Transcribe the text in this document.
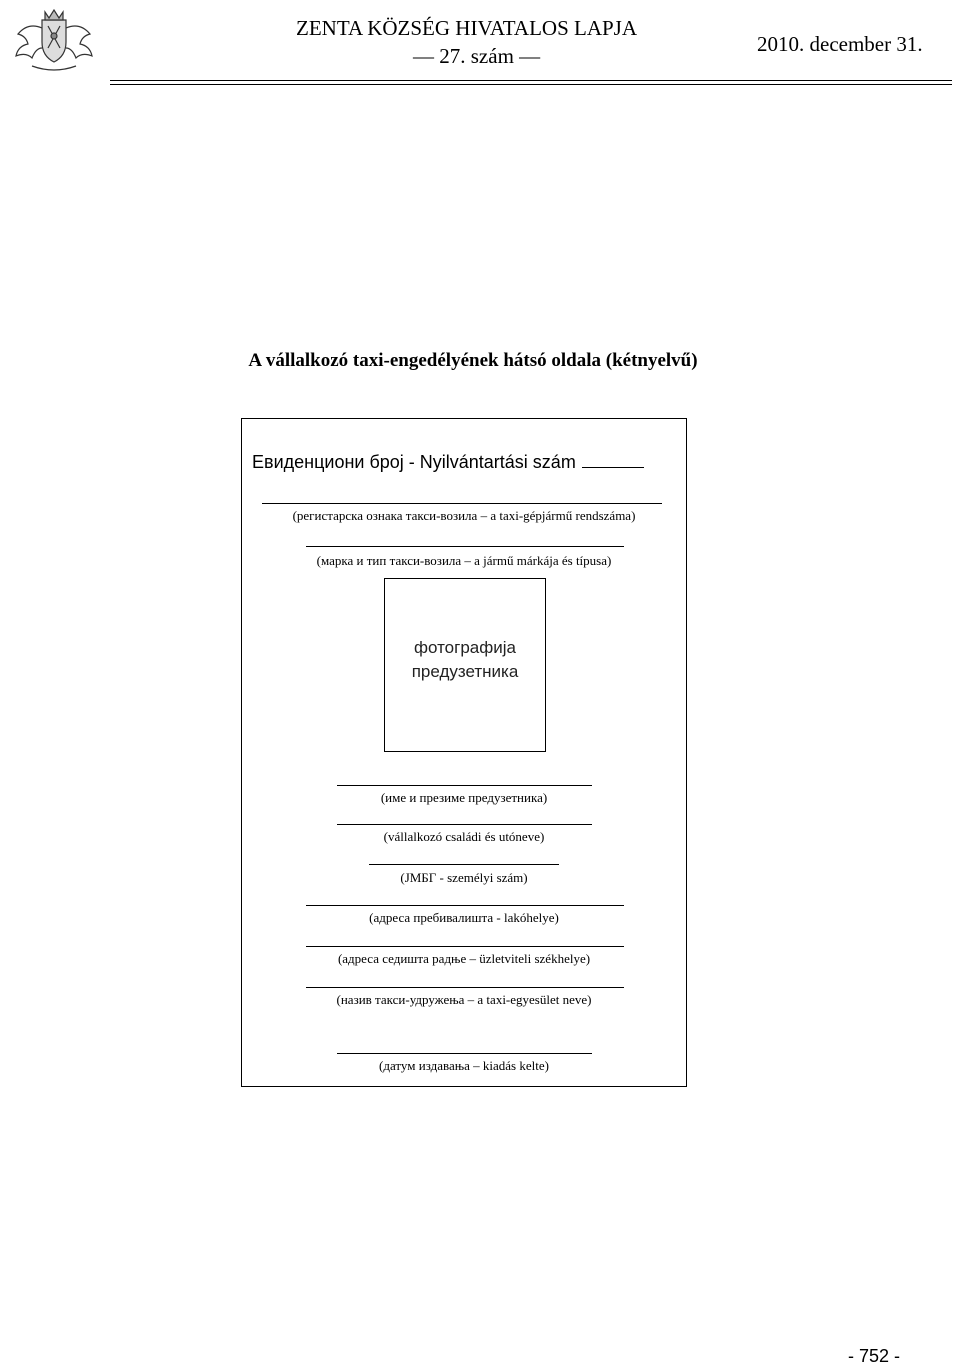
ZENTA KÖZSÉG HIVATALOS LAPJA
— 27. szám —	2010. december 31.
A vállalkozó taxi-engedélyének hátsó oldala (kétnyelvű)
Евиденциони број - Nyilvántartási szám
(регистарска ознака такси-возила – a taxi-gépjármű rendszáma)
(марка и тип такси-возила – a jármű márkája és típusa)
фотографија
предузетника
(име и презиме предузетника)
(vállalkozó családi és utóneve)
(ЈМБГ - személyi szám)
(адреса пребивалишта - lakóhelye)
(адреса седишта радње – üzletviteli székhelye)
(назив такси-удружења – a taxi-egyesület neve)
(датум издавања – kiadás kelte)
- 752 -
